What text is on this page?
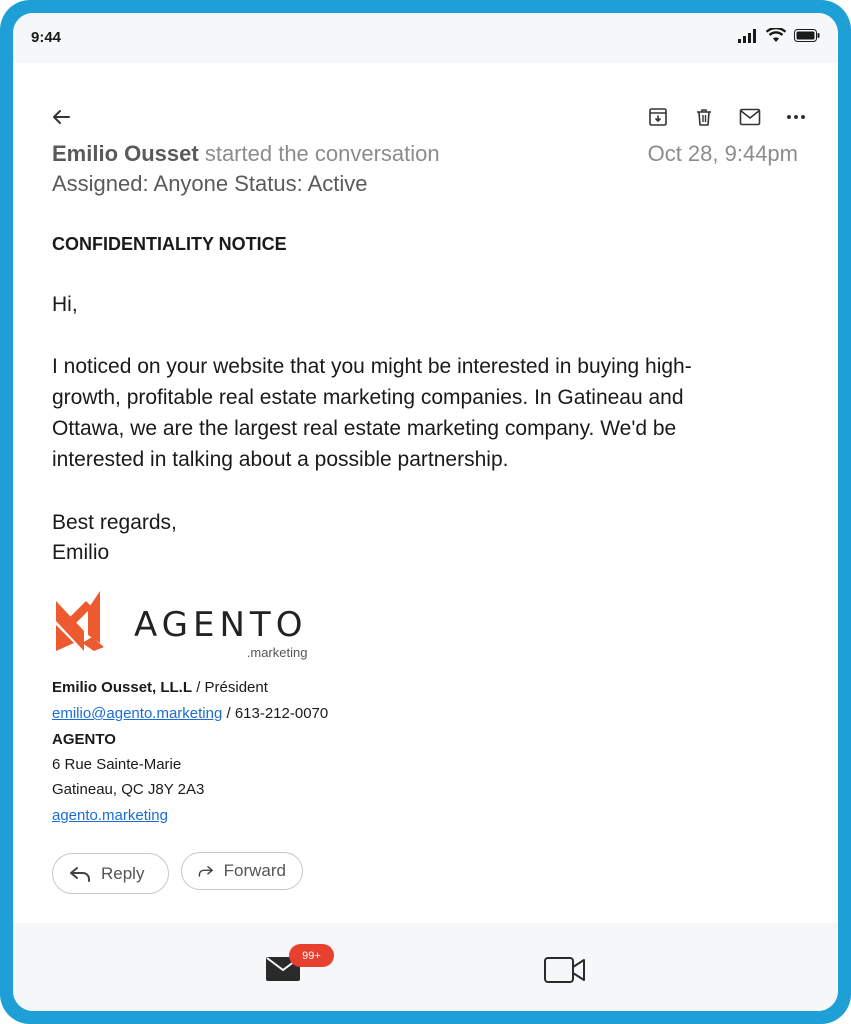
9:44
Emilio Ousset started the conversation	Oct 28, 9:44pm
Assigned: Anyone Status: Active
CONFIDENTIALITY NOTICE
Hi,
I noticed on your website that you might be interested in buying high-
growth, profitable real estate marketing companies. In Gatineau and
Ottawa, we are the largest real estate marketing company. We'd be
interested in talking about a possible partnership.
Best regards,
Emilio
AGENTO
.marketing
Emilio Ousset, LL.L / Président
emilio@agento.marketing / 613-212-0070
AGENTO
6 Rue Sainte-Marie
Gatineau, QC J8Y 2A3
agento.marketing
Reply	Forward
99+
